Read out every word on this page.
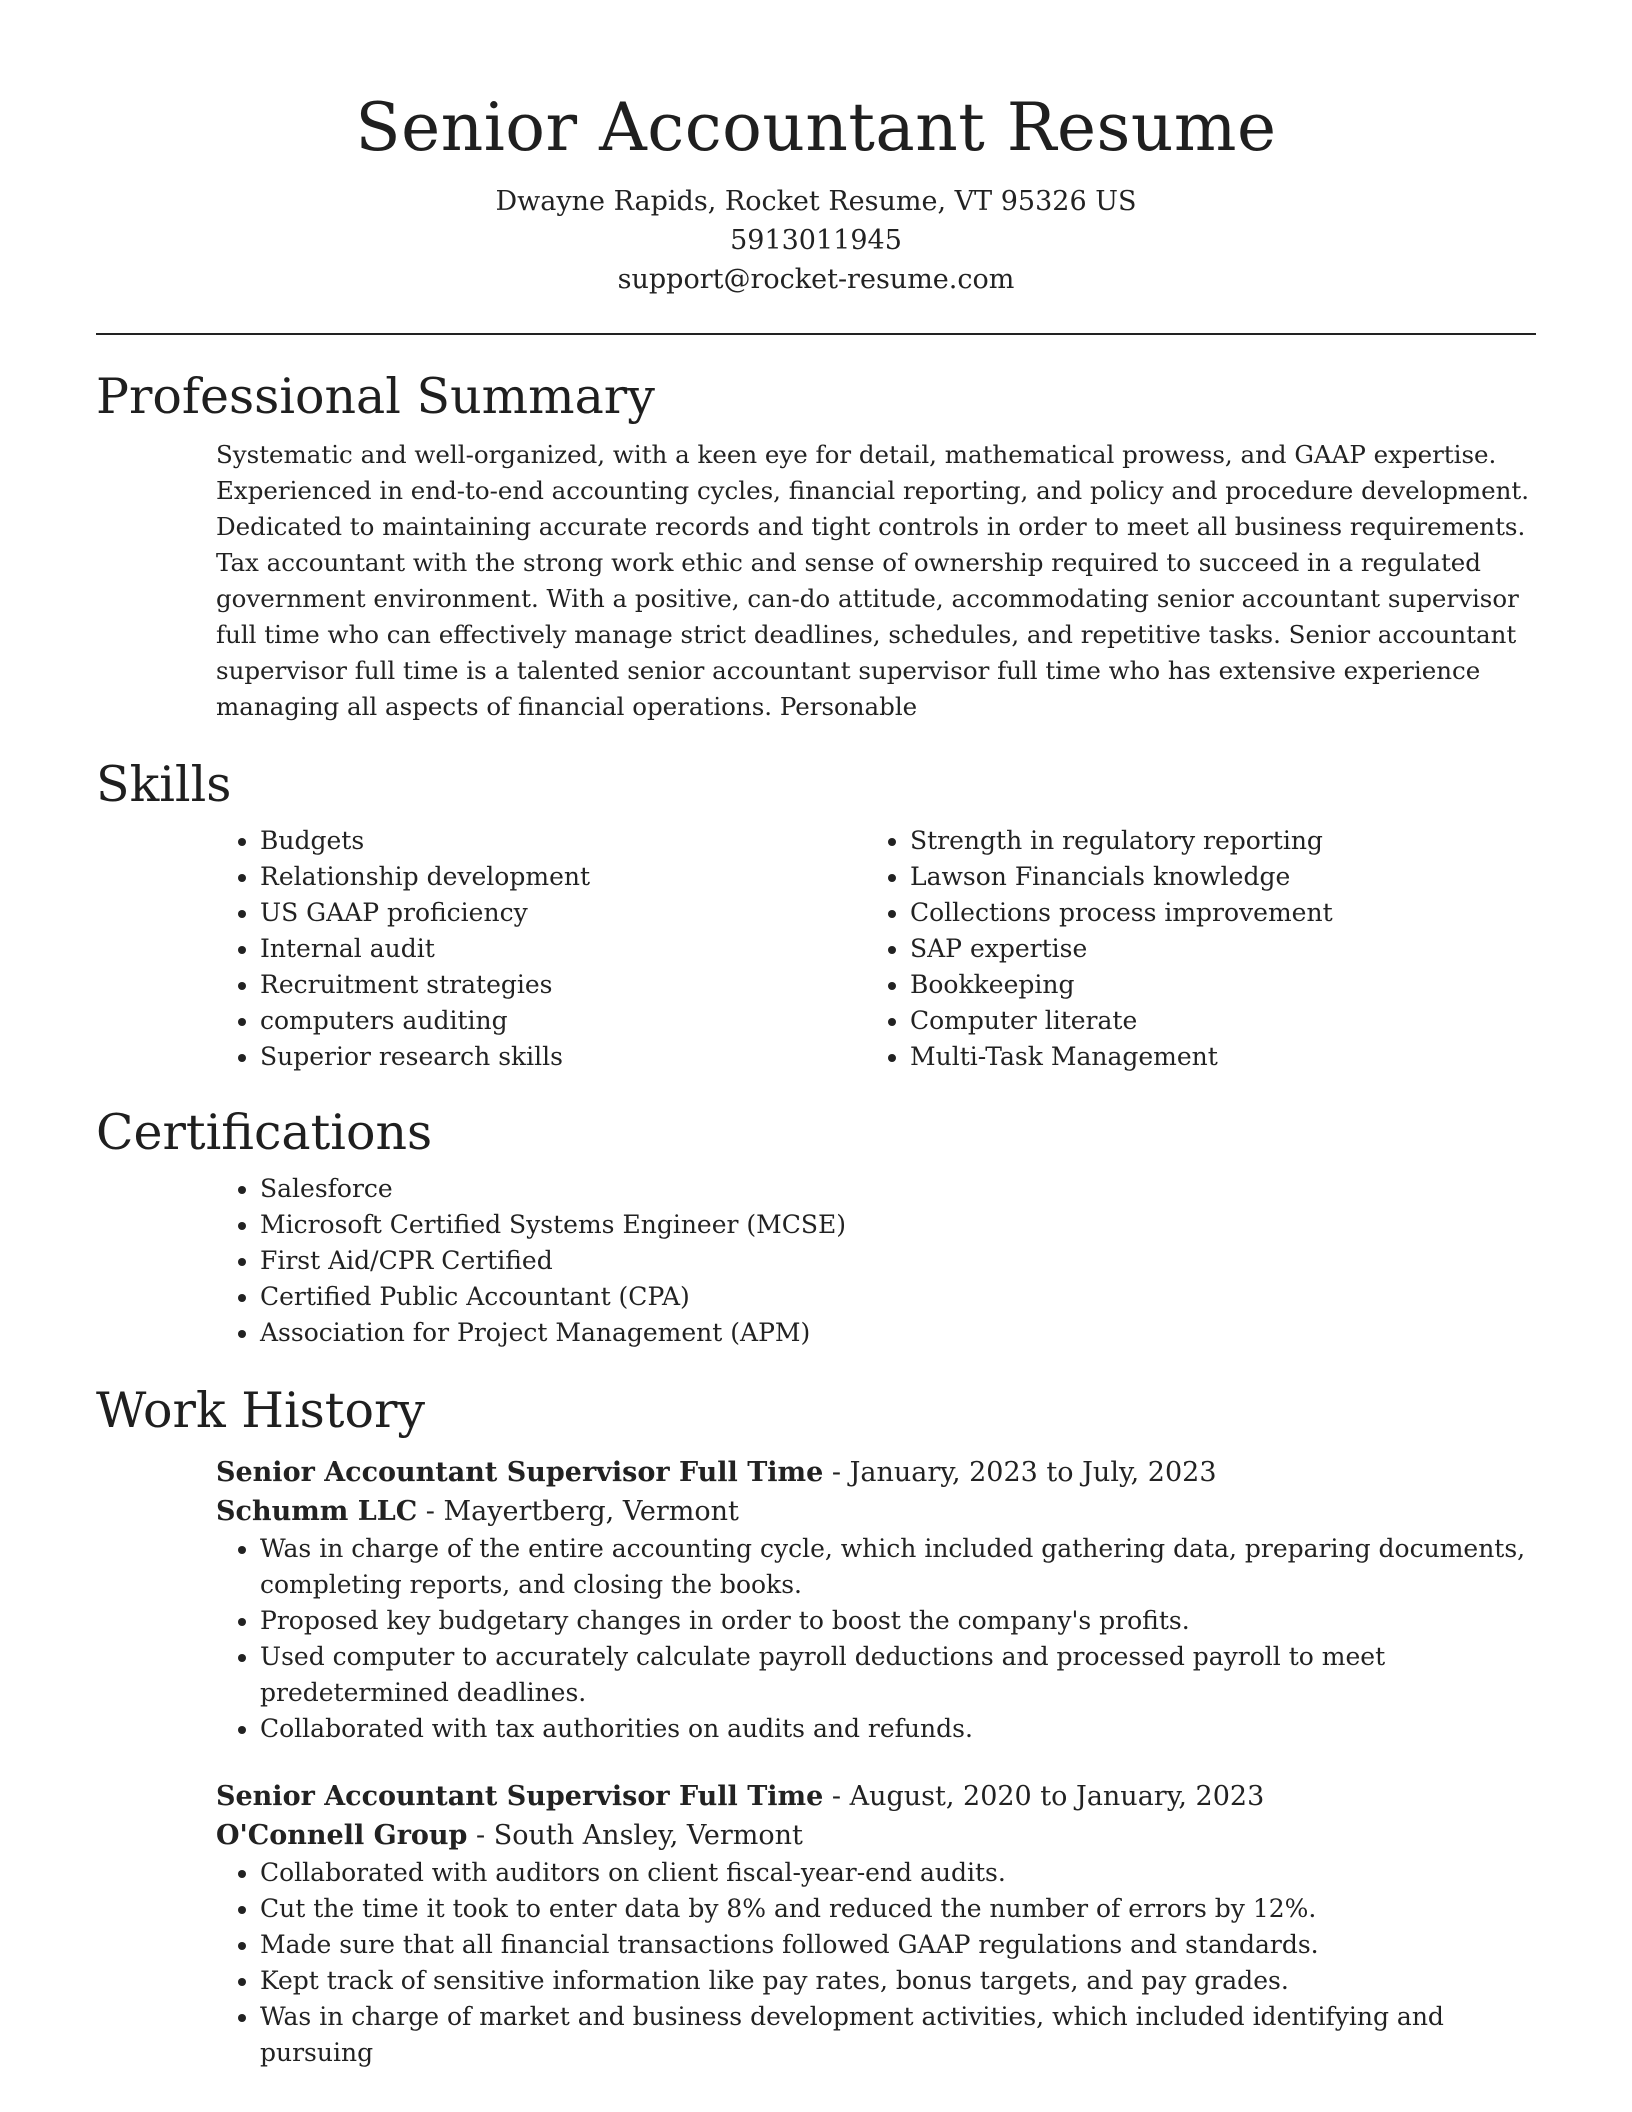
Senior Accountant Resume

Dwayne Rapids, Rocket Resume, VT 95326 US

5913011945

support@rocket-resume.com

Professional Summary

Systematic and well-organized, with a keen eye for detail, mathematical prowess, and GAAP expertise. Experienced in end-to-end accounting cycles, financial reporting, and policy and procedure development. Dedicated to maintaining accurate records and tight controls in order to meet all business requirements. Tax accountant with the strong work ethic and sense of ownership required to succeed in a regulated government environment. With a positive, can-do attitude, accommodating senior accountant supervisor full time who can effectively manage strict deadlines, schedules, and repetitive tasks. Senior accountant supervisor full time is a talented senior accountant supervisor full time who has extensive experience managing all aspects of financial operations. Personable

Skills
• Budgets
• Relationship development
• US GAAP proficiency
• Internal audit
• Recruitment strategies
• computers auditing
• Superior research skills
• Strength in regulatory reporting
• Lawson Financials knowledge
• Collections process improvement
• SAP expertise
• Bookkeeping
• Computer literate
• Multi-Task Management
Certifications
• Salesforce
• Microsoft Certified Systems Engineer (MCSE)
• First Aid/CPR Certified
• Certified Public Accountant (CPA)
• Association for Project Management (APM)
Work History

Senior Accountant Supervisor Full Time - January, 2023 to July, 2023

Schumm LLC - Mayertberg, Vermont

• Was in charge of the entire accounting cycle, which included gathering data, preparing documents, completing reports, and closing the books.
• Proposed key budgetary changes in order to boost the company's profits.
• Used computer to accurately calculate payroll deductions and processed payroll to meet predetermined deadlines.
• Collaborated with tax authorities on audits and refunds.

Senior Accountant Supervisor Full Time - August, 2020 to January, 2023

O'Connell Group - South Ansley, Vermont

• Collaborated with auditors on client fiscal-year-end audits.
• Cut the time it took to enter data by 8% and reduced the number of errors by 12%.
• Made sure that all financial transactions followed GAAP regulations and standards.
• Kept track of sensitive information like pay rates, bonus targets, and pay grades.
• Was in charge of market and business development activities, which included identifying and pursuing
